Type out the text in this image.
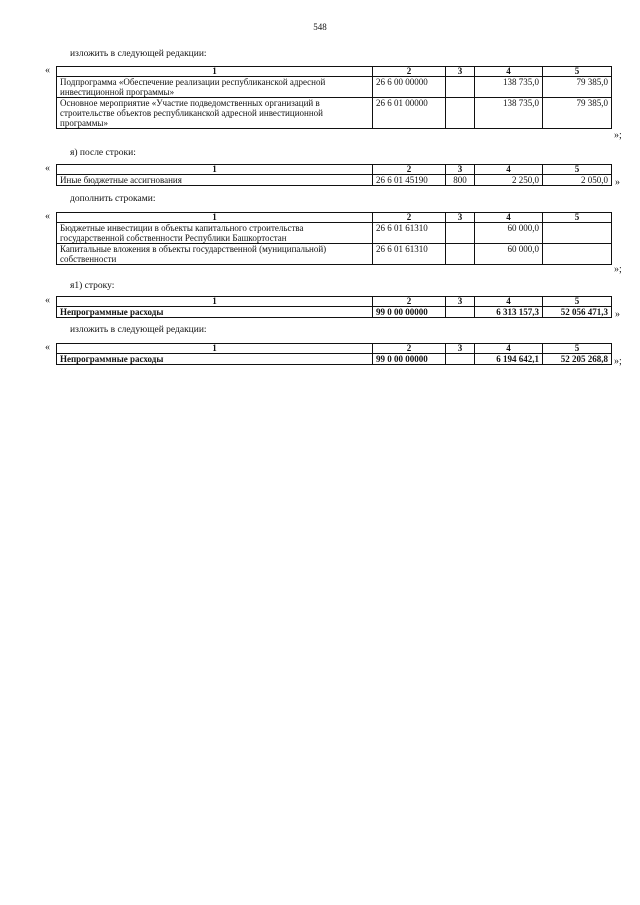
548
изложить в следующей редакции:
«	1	2	3	4	5
Подпрограмма «Обеспечение реализации республиканской адресной инвестиционной программы»	26 6 00 00000		138 735,0	79 385,0
Основное мероприятие «Участие подведомственных организаций в строительстве объектов республиканской адресной инвестиционной программы»	26 6 01 00000		138 735,0	79 385,0
»;
я) после строки:
«	1	2	3	4	5
Иные бюджетные ассигнования	26 6 01 45190	800	2 250,0	2 050,0 »
дополнить строками:
«	1	2	3	4	5
Бюджетные инвестиции в объекты капитального строительства государственной собственности Республики Башкортостан	26 6 01 61310		60 000,0	
Капитальные вложения в объекты государственной (муниципальной) собственности	26 6 01 61310		60 000,0	
»;
я1) строку:
«	1	2	3	4	5
Непрограммные расходы	99 0 00 00000		6 313 157,3	52 056 471,3 »
изложить в следующей редакции:
«	1	2	3	4	5
Непрограммные расходы	99 0 00 00000		6 194 642,1	52 205 268,8 »;
